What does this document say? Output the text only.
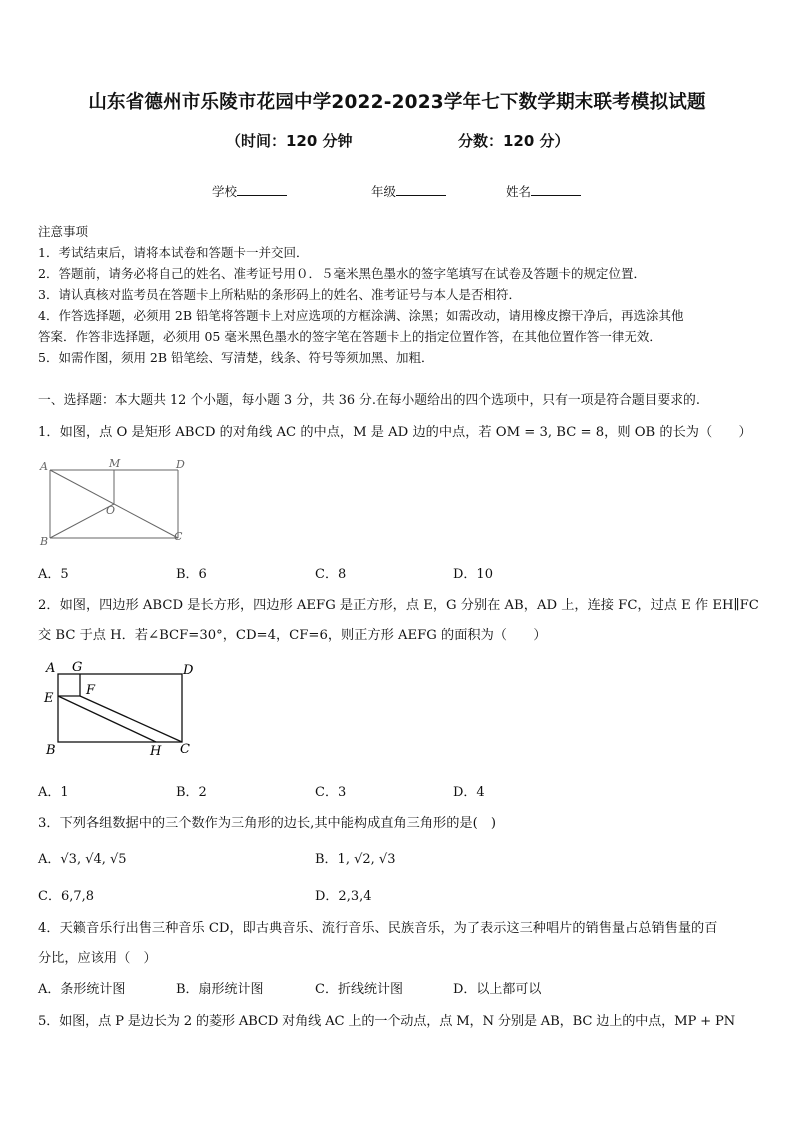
山东省德州市乐陵市花园中学2022-2023学年七下数学期末联考模拟试题
（时间：120 分钟	分数：120 分）
学校	年级	姓名
注意事项
1．考试结束后，请将本试卷和答题卡一并交回．
2．答题前，请务必将自己的姓名、准考证号用０．５毫米黑色墨水的签字笔填写在试卷及答题卡的规定位置．
3．请认真核对监考员在答题卡上所粘贴的条形码上的姓名、准考证号与本人是否相符．
4．作答选择题，必须用 2B 铅笔将答题卡上对应选项的方框涂满、涂黑；如需改动，请用橡皮擦干净后，再选涂其他
答案．作答非选择题，必须用 05 毫米黑色墨水的签字笔在答题卡上的指定位置作答，在其他位置作答一律无效．
5．如需作图，须用 2B 铅笔绘、写清楚，线条、符号等须加黑、加粗．
一、选择题：本大题共 12 个小题，每小题 3 分，共 36 分.在每小题给出的四个选项中，只有一项是符合题目要求的.
1．如图，点 O 是矩形 ABCD 的对角线 AC 的中点，M 是 AD 边的中点，若 OM = 3, BC = 8，则 OB 的长为（　　）
A	M	D
O
B	C
A．5	B．6	C．8	D．10
2．如图，四边形 ABCD 是长方形，四边形 AEFG 是正方形，点 E，G 分别在 AB，AD 上，连接 FC，过点 E 作 EH∥FC
交 BC 于点 H．若∠BCF=30°，CD=4，CF=6，则正方形 AEFG 的面积为（　　）
A G	D
E
F
B	H C
A．1	B．2	C．3	D．4
3．下列各组数据中的三个数作为三角形的边长,其中能构成直角三角形的是(　)
A．√3, √4, √5	B．1, √2, √3
C．6,7,8	D．2,3,4
4．天籁音乐行出售三种音乐 CD，即古典音乐、流行音乐、民族音乐，为了表示这三种唱片的销售量占总销售量的百
分比，应该用（　）
A．条形统计图	B．扇形统计图	C．折线统计图	D．以上都可以
5．如图，点 P 是边长为 2 的菱形 ABCD 对角线 AC 上的一个动点，点 M，N 分别是 AB，BC 边上的中点，MP + PN
